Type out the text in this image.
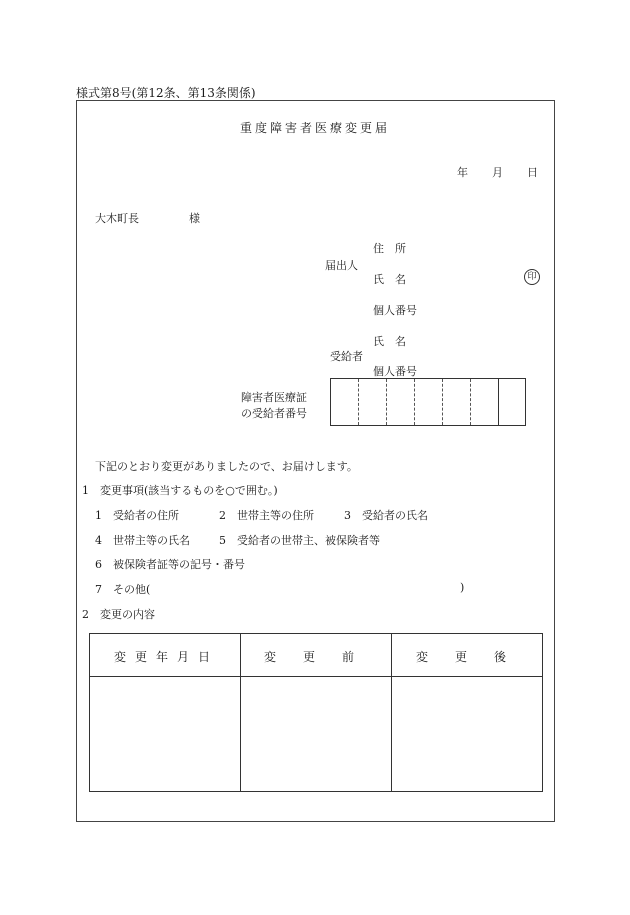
様式第8号(第12条、第13条関係)
重度障害者医療変更届
年 月 日
大木町長	様
届出人
住　所
氏　名	印
個人番号
受給者
氏　名
個人番号
障害者医療証
の受給者番号
下記のとおり変更がありましたので、お届けします。
1　変更事項(該当するものを○で囲む。)
1　受給者の住所	2　世帯主等の住所	3　受給者の氏名
4　世帯主等の氏名	5　受給者の世帯主、被保険者等
6　被保険者証等の記号・番号
7　その他(	)
2　変更の内容
変更年月日	変更前	変更後
